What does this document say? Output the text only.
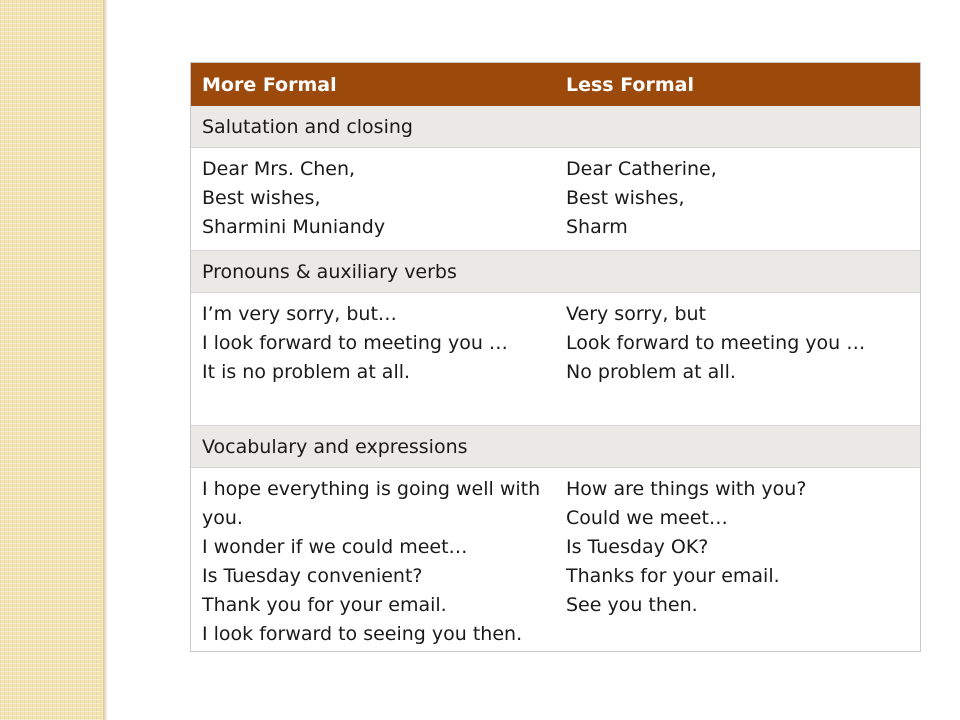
More Formal	Less Formal
Salutation and closing
Dear Mrs. Chen,
Best wishes,
Sharmini Muniandy
Dear Catherine,
Best wishes,
Sharm
Pronouns & auxiliary verbs
I’m very sorry, but…
I look forward to meeting you …
It is no problem at all.
Very sorry, but
Look forward to meeting you …
No problem at all.
Vocabulary and expressions
I hope everything is going well with you.
I wonder if we could meet…
Is Tuesday convenient?
Thank you for your email.
I look forward to seeing you then.
How are things with you?
Could we meet…
Is Tuesday OK?
Thanks for your email.
See you then.
